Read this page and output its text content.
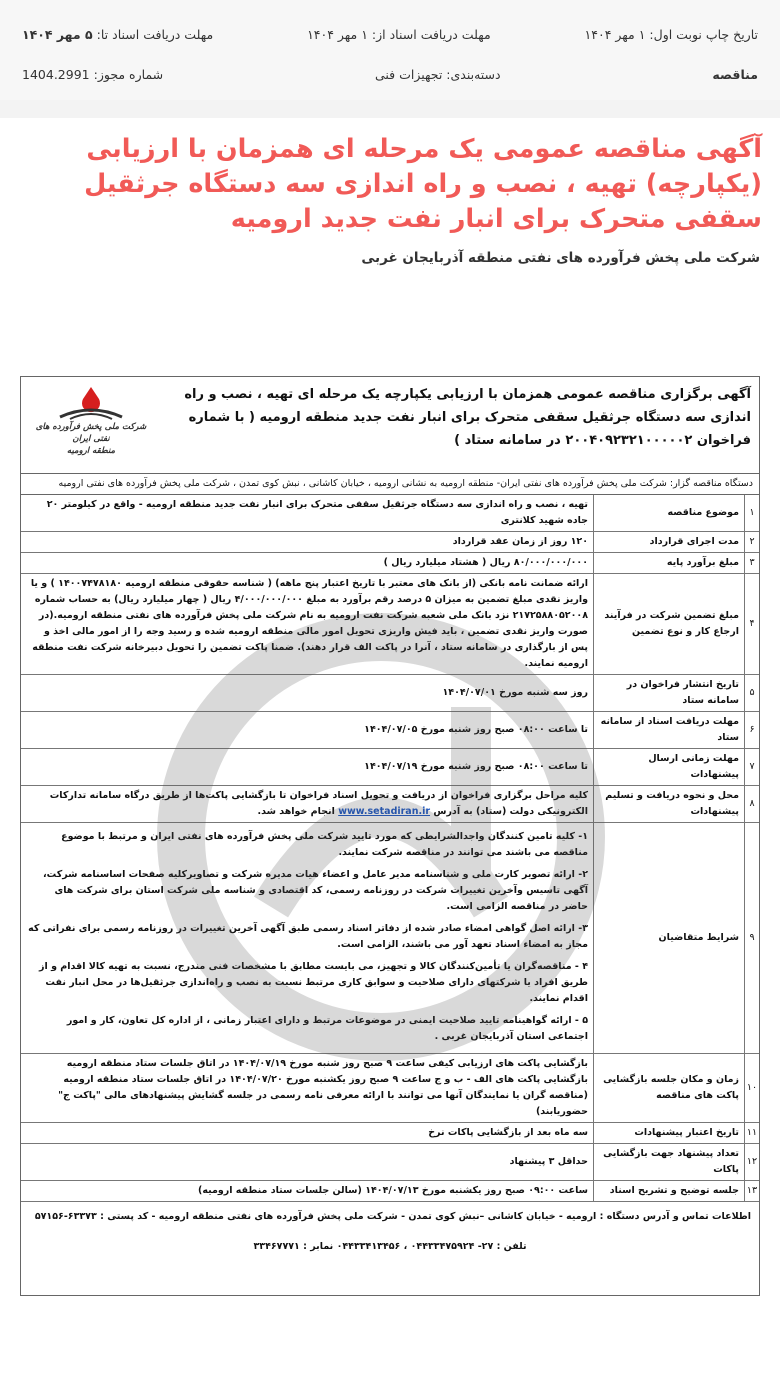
تاریخ چاپ نوبت اول: ۱ مهر ۱۴۰۴
مهلت دریافت اسناد از: ۱ مهر ۱۴۰۴
مهلت دریافت اسناد تا: ۵ مهر ۱۴۰۴
مناقصه
دسته‌بندی: تجهیزات فنی
شماره مجوز: 1404.2991
آگهی مناقصه عمومی یک مرحله ای همزمان با ارزیابی (یکپارچه) تهیه ، نصب و راه اندازی سه دستگاه جرثقیل سقفی متحرک برای انبار نفت جدید ارومیه
شرکت ملی پخش فرآورده های نفتی منطقه آذربایجان غربی
آگهی برگزاری مناقصه عمومی همزمان با ارزیابی یکپارچه یک مرحله ای تهیه ، نصب و راه اندازی سه دستگاه جرثقیل سقفی متحرک برای انبار نفت جدید منطقه ارومیه ( با شماره فراخوان ۲۰۰۴۰۹۲۳۲۱۰۰۰۰۰۲ در سامانه ستاد )
شرکت ملی پخش فرآورده های نفتی ایران
منطقه ارومیه
دستگاه مناقصه گزار: شرکت ملی پخش فرآورده های نفتی ایران- منطقه ارومیه به نشانی ارومیه ، خیابان کاشانی ، نبش کوی تمدن ، شرکت ملی پخش فرآورده های نفتی ارومیه
۱	موضوع مناقصه	تهیه ، نصب و راه اندازی سه دستگاه جرثقیل سقفی متحرک برای انبار نفت جدید منطقه ارومیه - واقع در کیلومتر ۲۰ جاده شهید کلانتری
۲	مدت اجرای قرارداد	۱۲۰ روز از زمان عقد قرارداد
۳	مبلغ برآورد پایه	۸۰/۰۰۰/۰۰۰/۰۰۰ ریال ( هشتاد میلیارد ریال )
۴	مبلغ تضمین شرکت در فرآیند ارجاع کار و نوع تضمین	ارائه ضمانت نامه بانکی (از بانک های معتبر با تاریخ اعتبار پنج ماهه) ( شناسه حقوقی منطقه ارومیه ۱۴۰۰۷۴۷۸۱۸۰ ) و یا واریز نقدی مبلغ تضمین به میزان ۵ درصد رقم برآورد به مبلغ ۴/۰۰۰/۰۰۰/۰۰۰ ریال ( چهار میلیارد ریال) به حساب شماره ۲۱۷۲۵۸۸۰۵۲۰۰۸ نزد بانک ملی شعبه شرکت نفت ارومیه به نام شرکت ملی پخش فرآورده های نفتی منطقه ارومیه.(در صورت واریز نقدی تضمین ، باید فیش واریزی تحویل امور مالی منطقه ارومیه شده و رسید وجه را از امور مالی اخذ و پس از بارگذاری در سامانه ستاد ، آنرا در پاکت الف قرار دهند). ضمنا پاکت تضمین را تحویل دبیرخانه شرکت نفت منطقه ارومیه نمایند.
۵	تاریخ انتشار فراخوان در سامانه ستاد	روز سه شنبه مورخ ۱۴۰۴/۰۷/۰۱
۶	مهلت دریافت اسناد از سامانه ستاد	تا ساعت ۰۸:۰۰ صبح روز شنبه مورخ ۱۴۰۴/۰۷/۰۵
۷	مهلت زمانی ارسال پیشنهادات	تا ساعت ۰۸:۰۰ صبح روز شنبه مورخ ۱۴۰۴/۰۷/۱۹
۸	محل و نحوه دریافت و تسلیم پیشنهادات	کلیه مراحل برگزاری فراخوان از دریافت و تحویل اسناد فراخوان تا بازگشایی پاکت‌ها از طریق درگاه سامانه تدارکات الکترونیکی دولت (ستاد) به آدرس www.setadiran.ir انجام خواهد شد.
۹	شرایط متقاضیان	۱- کلیه تامین کنندگان واجدالشرایطی که مورد تایید شرکت ملی پخش فرآورده های نفتی ایران و مرتبط با موضوع مناقصه می باشند می توانند در مناقصه شرکت نمایند.

۲- ارائه تصویر کارت ملی و شناسنامه مدیر عامل و اعضاء هیات مدیره شرکت و تصاویرکلیه صفحات اساسنامه شرکت، آگهی تاسیس وآخرین تغییرات شرکت در روزنامه رسمی، کد اقتصادی و شناسه ملی شرکت استان برای شرکت های حاضر در مناقصه الزامی است.

۳- ارائه اصل گواهی امضاء صادر شده از دفاتر اسناد رسمی طبق آگهی آخرین تغییرات در روزنامه رسمی برای نفراتی که مجاز به امضاء اسناد تعهد آور می باشند، الزامی است.

۴ - مناقصه‌گران یا تأمین‌کنندگان کالا و تجهیز، می بایست مطابق با مشخصات فنی مندرج، نسبت به تهیه کالا اقدام و از طریق افراد یا شرکتهای دارای صلاحیت و سوابق کاری مرتبط نسبت به نصب و راه‌اندازی جرثقیل‌ها در محل انبار نفت اقدام نمایند.

۵ - ارائه گواهینامه تایید صلاحیت ایمنی در موضوعات مرتبط و دارای اعتبار زمانی ، از اداره کل تعاون، کار و امور اجتماعی استان آذربایجان غربی .

۱۰	زمان و مکان جلسه بازگشایی پاکت های مناقصه	بازگشایی پاکت های ارزیابی کیفی ساعت ۹ صبح روز شنبه مورخ ۱۴۰۴/۰۷/۱۹ در اتاق جلسات ستاد منطقه ارومیه
بازگشایی پاکت های الف - ب و ج ساعت ۹ صبح روز یکشنبه مورخ ۱۴۰۴/۰۷/۲۰ در اتاق جلسات ستاد منطقه ارومیه
(مناقصه گران یا نمایندگان آنها می توانند با ارائه معرفی نامه رسمی در جلسه گشایش پیشنهادهای مالی "پاکت ج" حضوریابند)

۱۱	تاریخ اعتبار پیشنهادات	سه ماه بعد از بازگشایی پاکات نرخ
۱۲	تعداد پیشنهاد جهت بازگشایی پاکات	حداقل ۳ پیشنهاد
۱۳	جلسه توضیح و تشریح اسناد	ساعت ۰۹:۰۰ صبح روز یکشنبه مورخ ۱۴۰۴/۰۷/۱۳ (سالن جلسات ستاد منطقه ارومیه)
اطلاعات تماس و آدرس دستگاه : ارومیه - خیابان کاشانی –نبش کوی تمدن - شرکت ملی پخش فرآورده های نفتی منطقه ارومیه - کد پستی : ۶۳۳۷۳-۵۷۱۵۶
تلفن : ۲۷- ۰۴۴۳۳۴۷۵۹۲۴ ، ۰۴۴۳۳۴۱۳۴۵۶ نمابر : ۳۳۴۶۷۷۷۱
